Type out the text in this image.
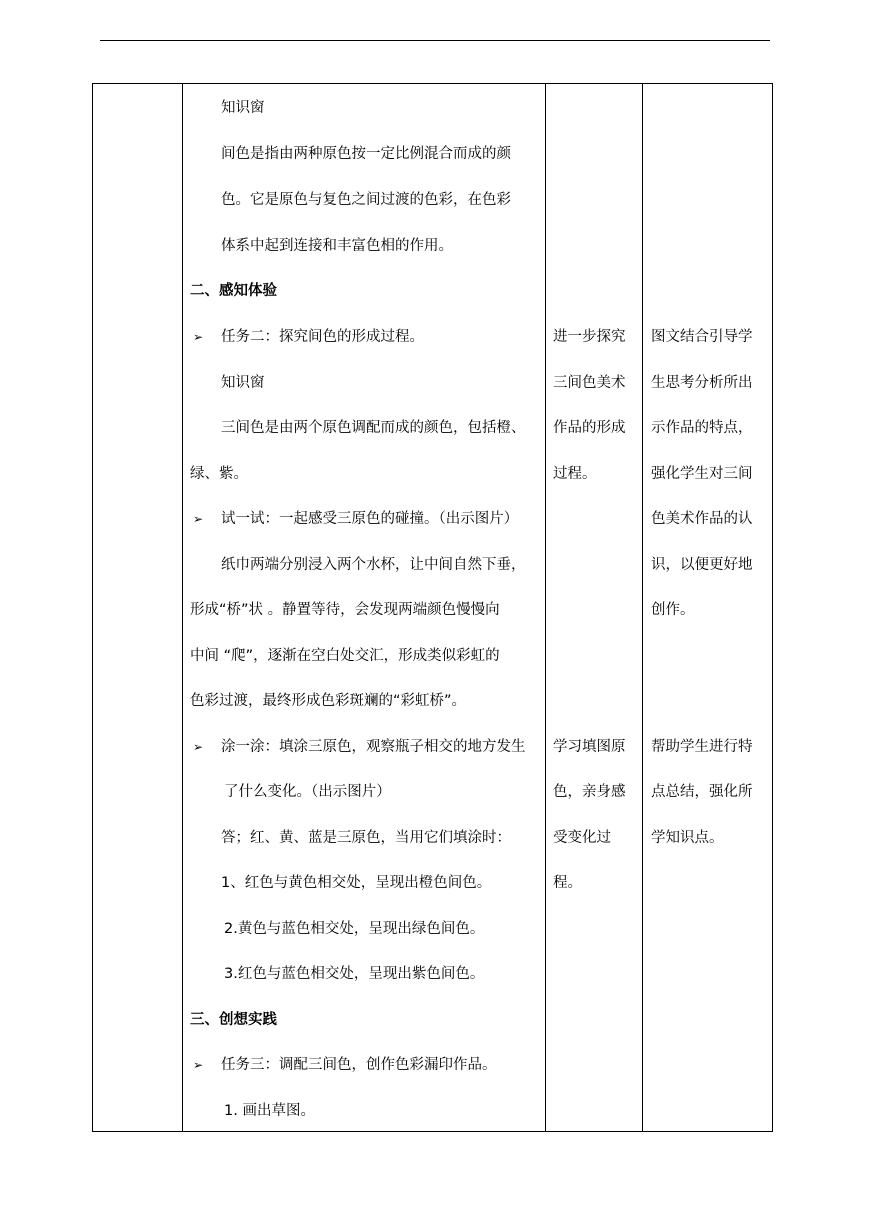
知识窗
间色是指由两种原色按一定比例混合而成的颜
色。它是原色与复色之间过渡的色彩，在色彩
体系中起到连接和丰富色相的作用。
二、感知体验
➢ 任务二：探究间色的形成过程。
知识窗
三间色是由两个原色调配而成的颜色，包括橙、
绿、紫。
➢ 试一试：一起感受三原色的碰撞。（出示图片）
纸巾两端分别浸入两个水杯，让中间自然下垂，
形成“桥”状 。静置等待，会发现两端颜色慢慢向
中间 “爬”，逐渐在空白处交汇，形成类似彩虹的
色彩过渡，最终形成色彩斑斓的“彩虹桥”。
➢ 涂一涂：填涂三原色，观察瓶子相交的地方发生
了什么变化。（出示图片）
答；红、黄、蓝是三原色，当用它们填涂时：
1、红色与黄色相交处，呈现出橙色间色。
2.黄色与蓝色相交处，呈现出绿色间色。
3.红色与蓝色相交处，呈现出紫色间色。
三、创想实践
➢ 任务三：调配三间色，创作色彩漏印作品。
1. 画出草图。
进一步探究
三间色美术
作品的形成
过程。
学习填图原
色，亲身感
受变化过
程。
图文结合引导学
生思考分析所出
示作品的特点，
强化学生对三间
色美术作品的认
识，以便更好地
创作。
帮助学生进行特
点总结，强化所
学知识点。
